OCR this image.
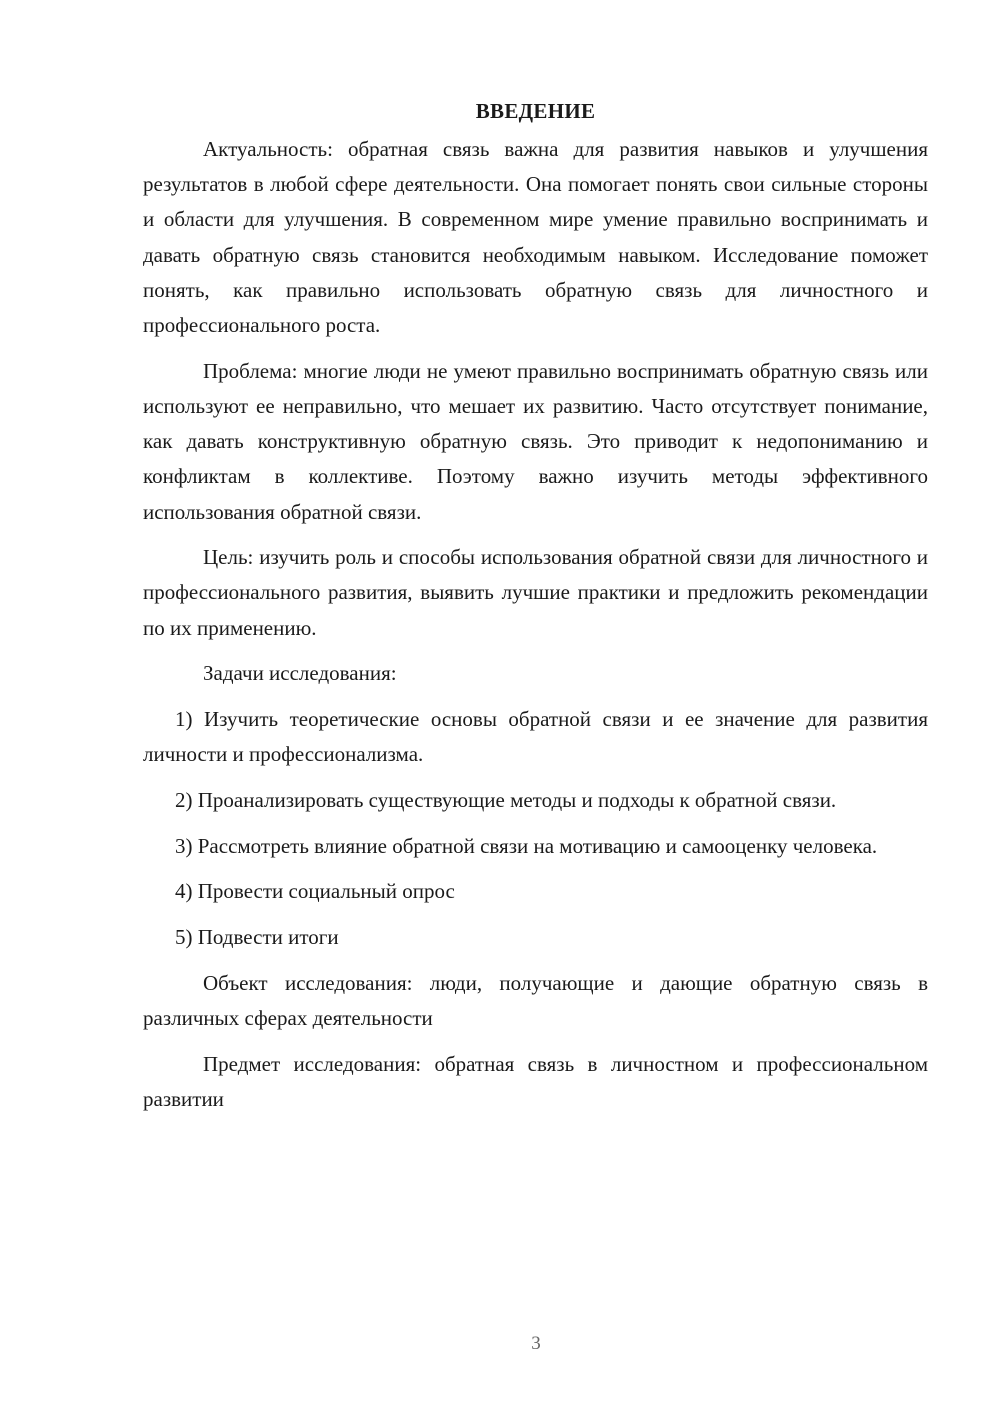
ВВЕДЕНИЕ

Актуальность: обратная связь важна для развития навыков и улучшения результатов в любой сфере деятельности. Она помогает понять свои сильные стороны и области для улучшения. В современном мире умение правильно воспринимать и давать обратную связь становится необходимым навыком. Исследование поможет понять, как правильно использовать обратную связь для личностного и профессионального роста.

Проблема: многие люди не умеют правильно воспринимать обратную связь или используют ее неправильно, что мешает их развитию. Часто отсутствует понимание, как давать конструктивную обратную связь. Это приводит к недопониманию и конфликтам в коллективе. Поэтому важно изучить методы эффективного использования обратной связи.

Цель: изучить роль и способы использования обратной связи для личностного и профессионального развития, выявить лучшие практики и предложить рекомендации по их применению.

Задачи исследования:

1) Изучить теоретические основы обратной связи и ее значение для развития личности и профессионализма.

2) Проанализировать существующие методы и подходы к обратной связи.

3) Рассмотреть влияние обратной связи на мотивацию и самооценку человека.

4) Провести социальный опрос

5) Подвести итоги

Объект исследования: люди, получающие и дающие обратную связь в различных сферах деятельности

Предмет исследования: обратная связь в личностном и профессиональном развитии

3
